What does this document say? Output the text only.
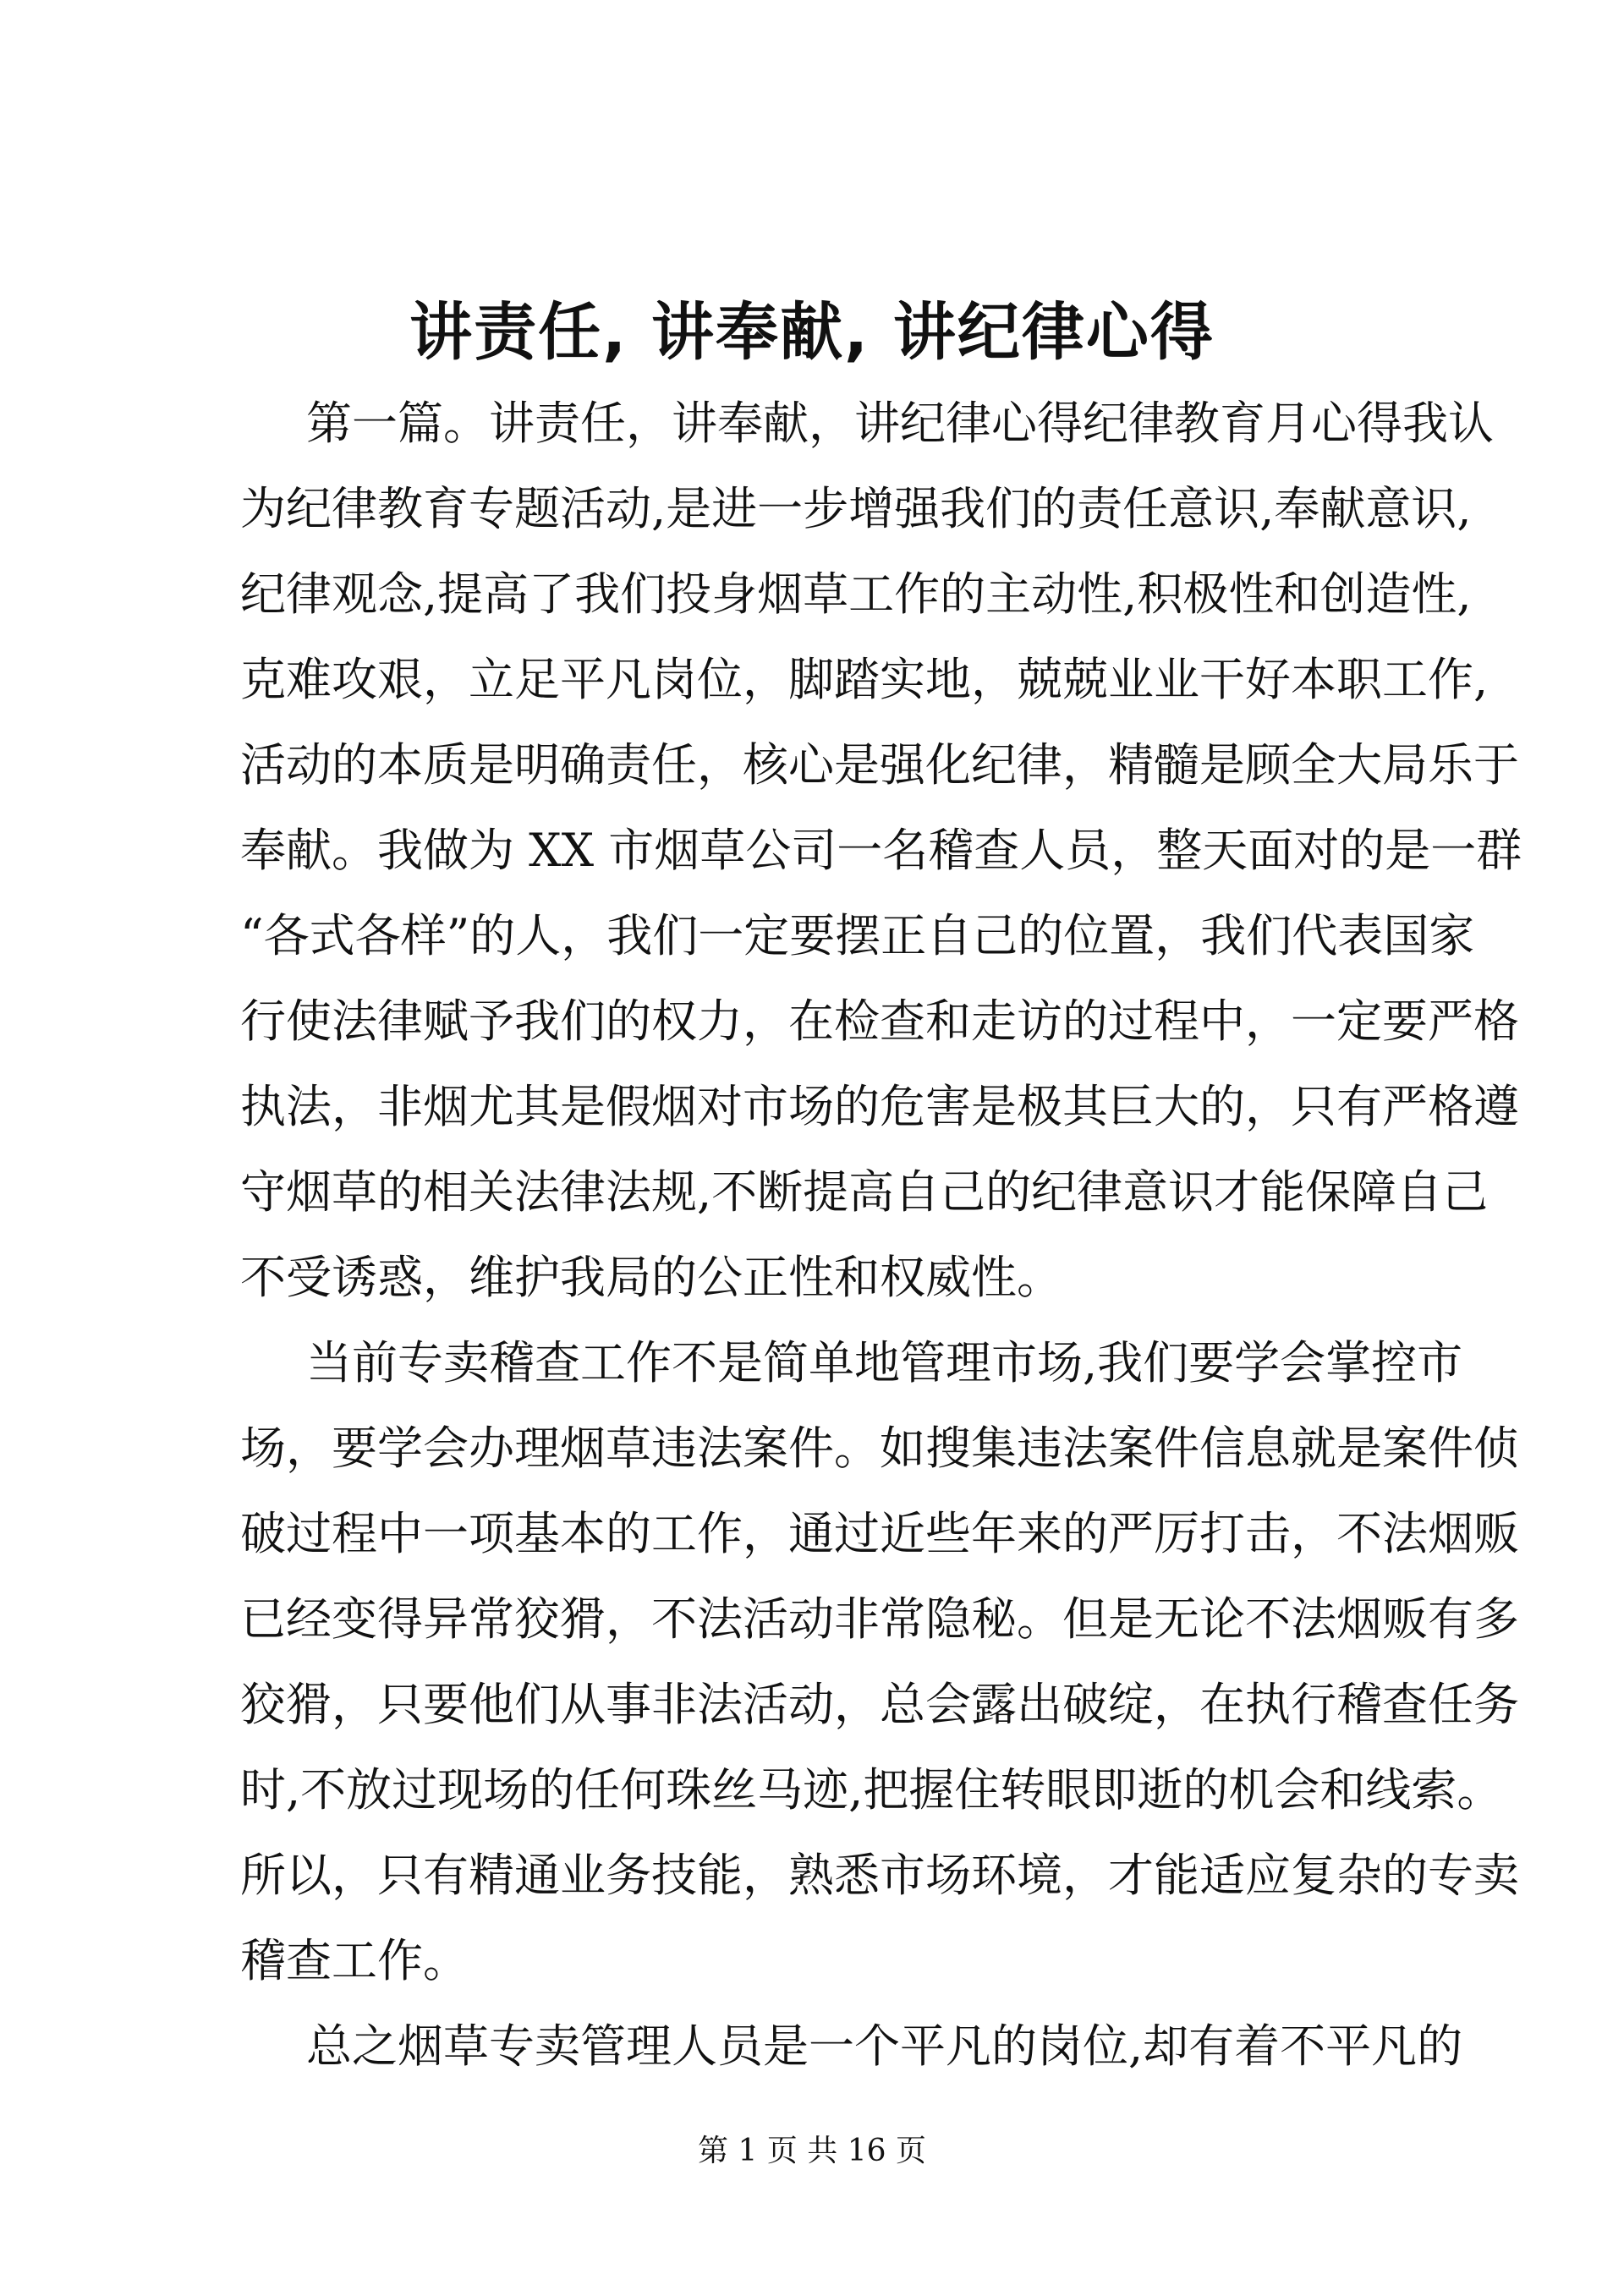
讲责任, 讲奉献, 讲纪律心得
第一篇。讲责任，讲奉献，讲纪律心得纪律教育月心得我认
为纪律教育专题活动,是进一步增强我们的责任意识,奉献意识,
纪律观念,提高了我们投身烟草工作的主动性,积极性和创造性,
克难攻艰，立足平凡岗位，脚踏实地，兢兢业业干好本职工作,
活动的本质是明确责任，核心是强化纪律，精髓是顾全大局乐于
奉献。我做为 XX 市烟草公司一名稽查人员，整天面对的是一群
“各式各样”的人，我们一定要摆正自己的位置，我们代表国家
行使法律赋予我们的权力，在检查和走访的过程中，一定要严格
执法，非烟尤其是假烟对市场的危害是极其巨大的，只有严格遵
守烟草的相关法律法规,不断提高自己的纪律意识才能保障自己
不受诱惑，维护我局的公正性和权威性。
当前专卖稽查工作不是简单地管理市场,我们要学会掌控市
场，要学会办理烟草违法案件。如搜集违法案件信息就是案件侦
破过程中一项基本的工作，通过近些年来的严厉打击，不法烟贩
已经变得异常狡猾，不法活动非常隐秘。但是无论不法烟贩有多
狡猾，只要他们从事非法活动，总会露出破绽，在执行稽查任务
时,不放过现场的任何珠丝马迹,把握住转眼即逝的机会和线索。
所以，只有精通业务技能，熟悉市场环境，才能适应复杂的专卖
稽查工作。
总之烟草专卖管理人员是一个平凡的岗位,却有着不平凡的
第 1 页 共 16 页
